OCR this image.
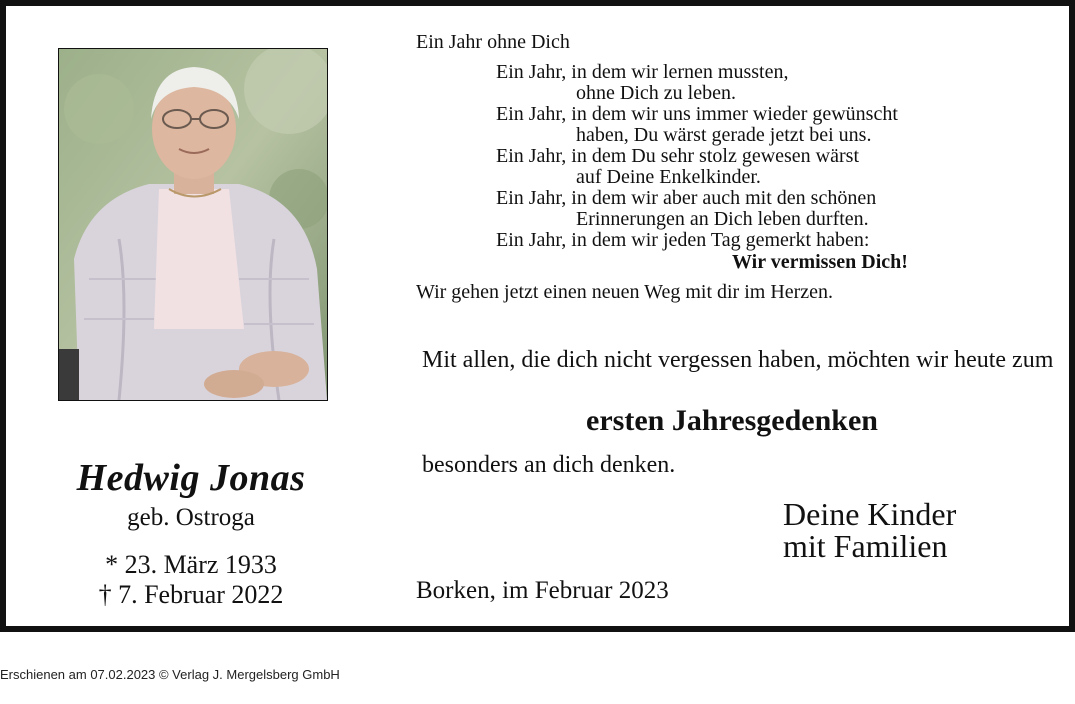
Hedwig Jonas
geb. Ostroga
* 23. März 1933
† 7. Februar 2022
Ein Jahr ohne Dich
Ein Jahr, in dem wir lernen mussten,
ohne Dich zu leben.
Ein Jahr, in dem wir uns immer wieder gewünscht
haben, Du wärst gerade jetzt bei uns.
Ein Jahr, in dem Du sehr stolz gewesen wärst
auf Deine Enkelkinder.
Ein Jahr, in dem wir aber auch mit den schönen
Erinnerungen an Dich leben durften.
Ein Jahr, in dem wir jeden Tag gemerkt haben:
Wir vermissen Dich!
Wir gehen jetzt einen neuen Weg mit dir im Herzen.
Mit allen, die dich nicht vergessen haben, möchten wir heute zum
ersten Jahresgedenken
besonders an dich denken.
Deine Kinder
mit Familien
Borken, im Februar 2023
Erschienen am 07.02.2023 © Verlag J. Mergelsberg GmbH
